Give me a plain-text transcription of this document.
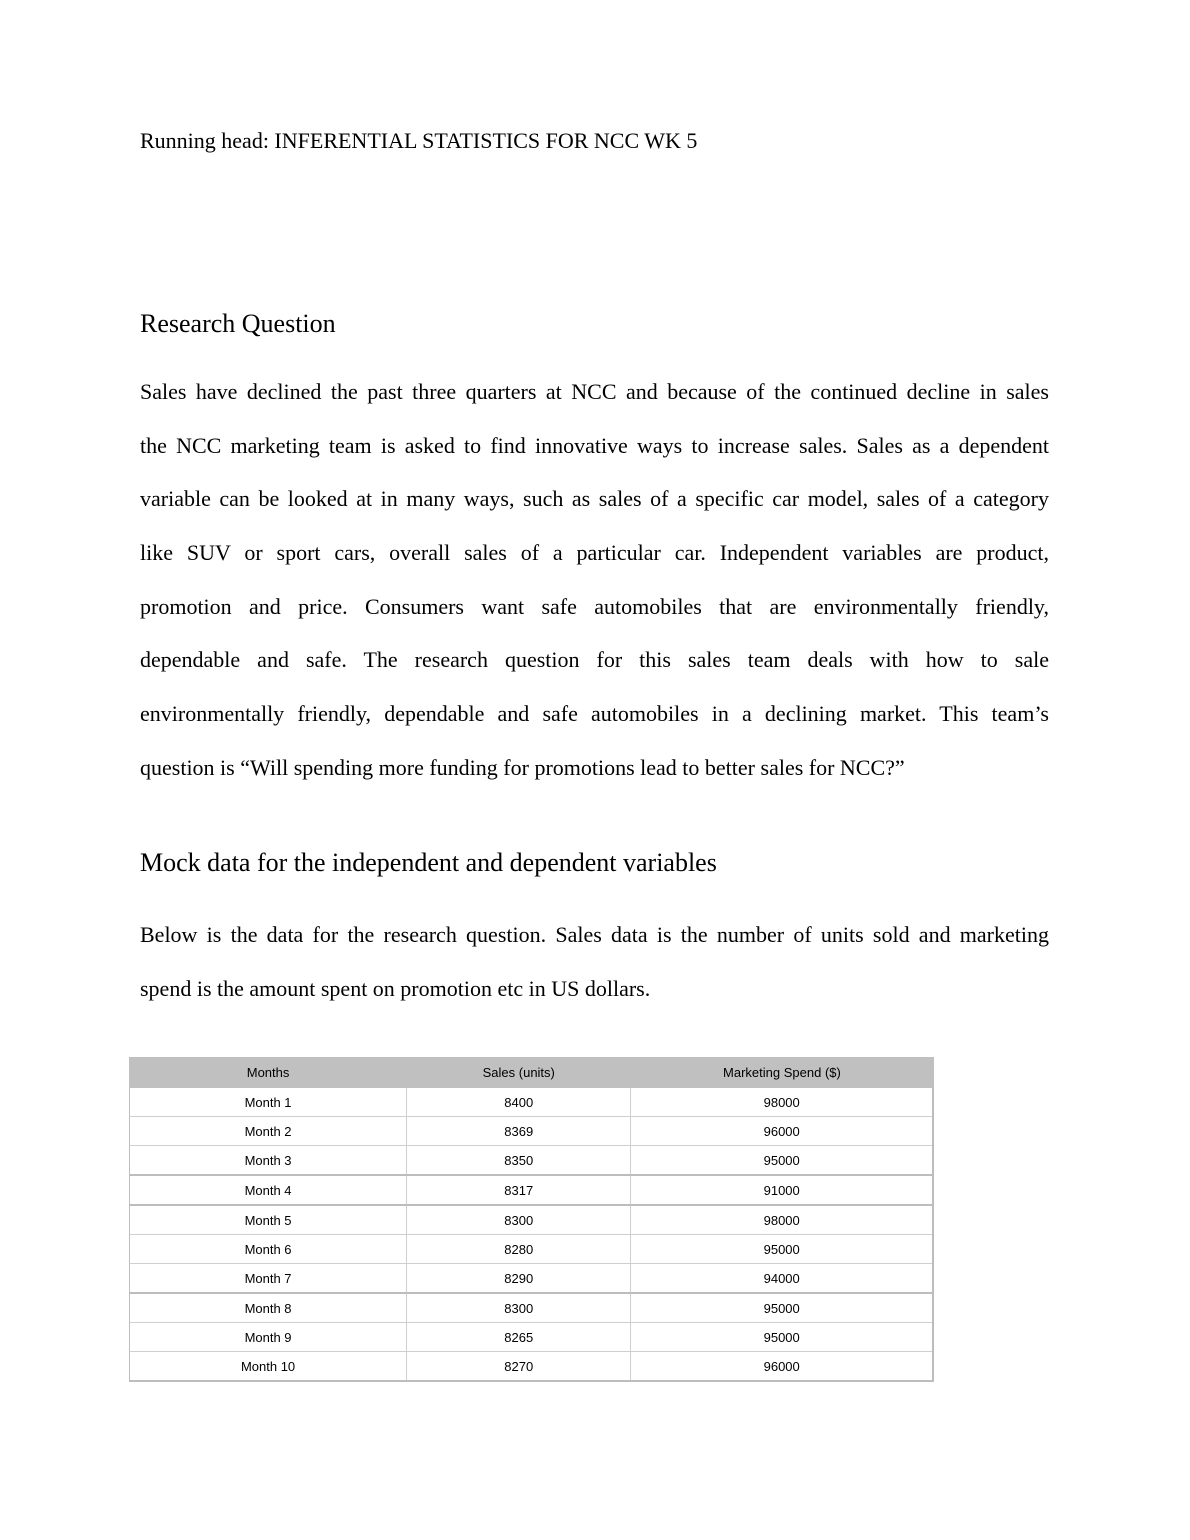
Running head: INFERENTIAL STATISTICS FOR NCC WK 5
Research Question
Sales have declined the past three quarters at NCC and because of the continued decline in sales
the NCC marketing team is asked to find innovative ways to increase sales. Sales as a dependent
variable can be looked at in many ways, such as sales of a specific car model, sales of a category
like SUV or sport cars, overall sales of a particular car. Independent variables are product,
promotion and price. Consumers want safe automobiles that are environmentally friendly,
dependable and safe. The research question for this sales team deals with how to sale
environmentally friendly, dependable and safe automobiles in a declining market. This team’s
question is “Will spending more funding for promotions lead to better sales for NCC?”
Mock data for the independent and dependent variables
Below is the data for the research question. Sales data is the number of units sold and marketing
spend is the amount spent on promotion etc in US dollars.
Months	Sales (units)	Marketing Spend ($)
Month 1	8400	98000
Month 2	8369	96000
Month 3	8350	95000
Month 4	8317	91000
Month 5	8300	98000
Month 6	8280	95000
Month 7	8290	94000
Month 8	8300	95000
Month 9	8265	95000
Month 10	8270	96000
